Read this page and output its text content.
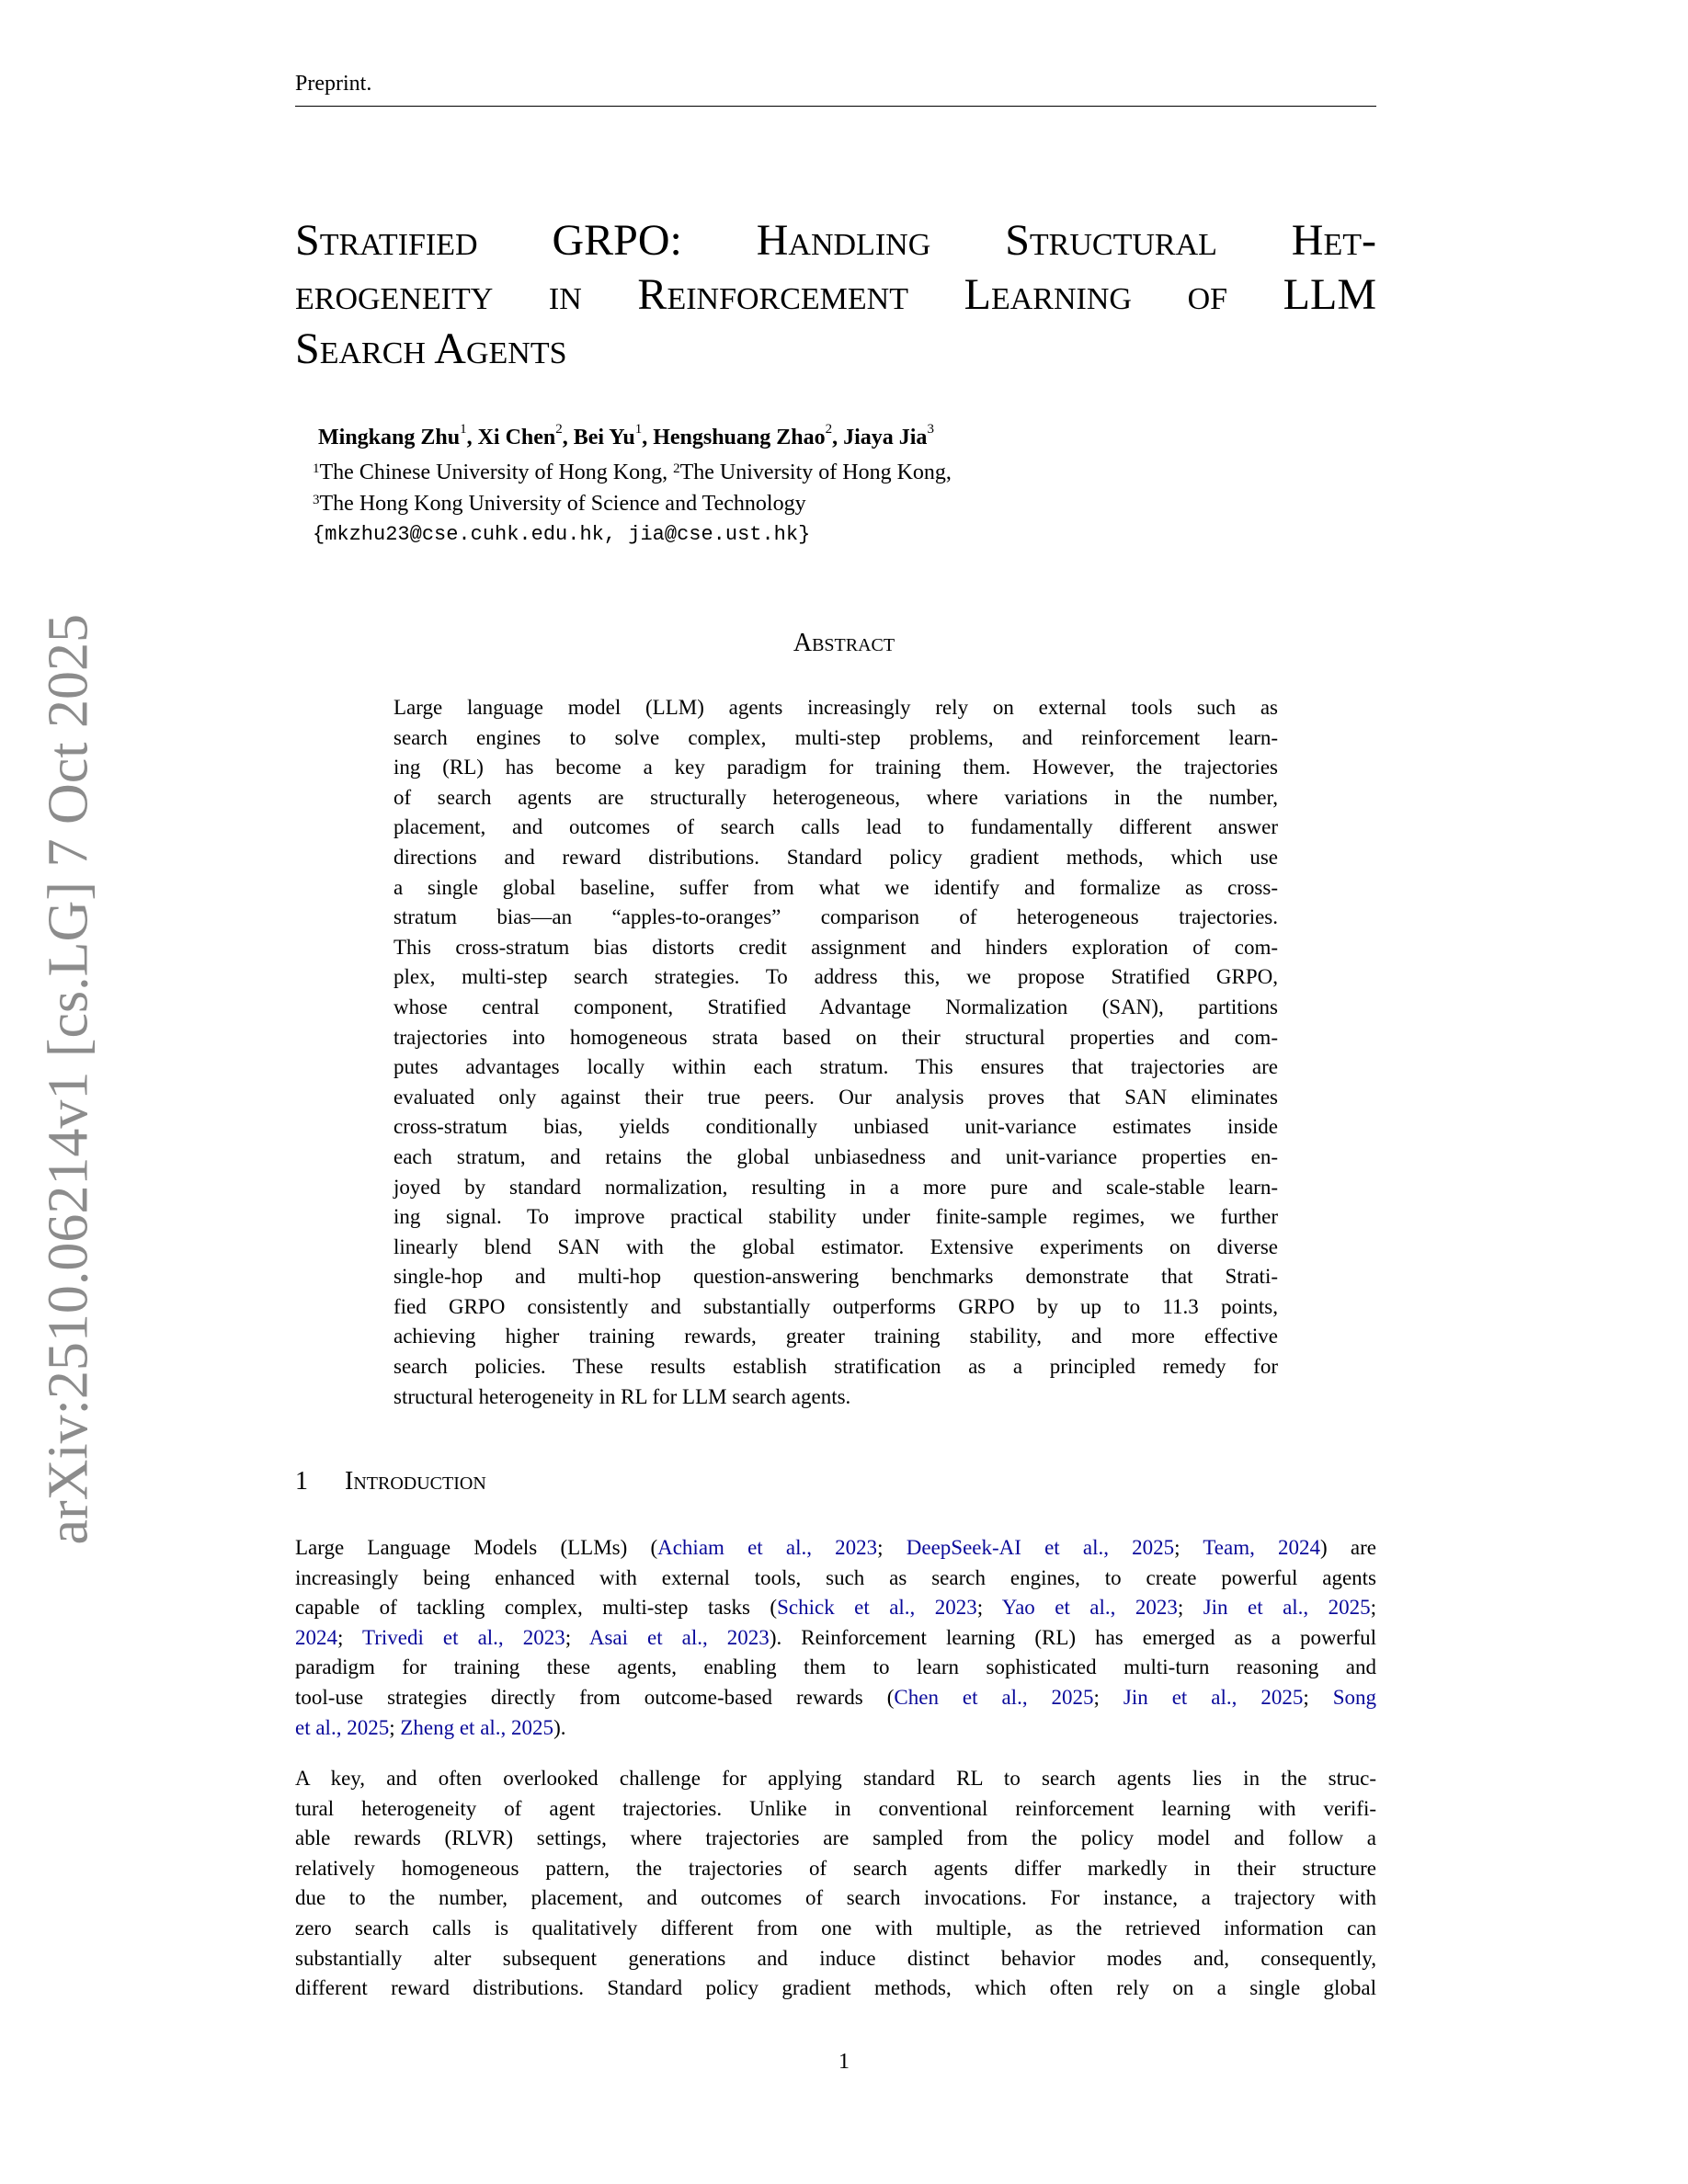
Preprint.
arXiv:2510.06214v1 [cs.LG] 7 Oct 2025
Stratified GRPO: Handling Structural Het-
erogeneity in Reinforcement Learning of LLM
Search Agents
Mingkang Zhu$^1$, Xi Chen$^2$, Bei Yu$^1$, Hengshuang Zhao$^2$, Jiaya Jia$^3$
$^1$The Chinese University of Hong Kong, $^2$The University of Hong Kong,
$^3$The Hong Kong University of Science and Technology
{mkzhu23@cse.cuhk.edu.hk, jia@cse.ust.hk}
Abstract
Large language model (LLM) agents increasingly rely on external tools such as
search engines to solve complex, multi-step problems, and reinforcement learn-
ing (RL) has become a key paradigm for training them. However, the trajectories
of search agents are structurally heterogeneous, where variations in the number,
placement, and outcomes of search calls lead to fundamentally different answer
directions and reward distributions. Standard policy gradient methods, which use
a single global baseline, suffer from what we identify and formalize as cross-
stratum bias—an “apples-to-oranges” comparison of heterogeneous trajectories.
This cross-stratum bias distorts credit assignment and hinders exploration of com-
plex, multi-step search strategies. To address this, we propose Stratified GRPO,
whose central component, Stratified Advantage Normalization (SAN), partitions
trajectories into homogeneous strata based on their structural properties and com-
putes advantages locally within each stratum. This ensures that trajectories are
evaluated only against their true peers. Our analysis proves that SAN eliminates
cross-stratum bias, yields conditionally unbiased unit-variance estimates inside
each stratum, and retains the global unbiasedness and unit-variance properties en-
joyed by standard normalization, resulting in a more pure and scale-stable learn-
ing signal. To improve practical stability under finite-sample regimes, we further
linearly blend SAN with the global estimator. Extensive experiments on diverse
single-hop and multi-hop question-answering benchmarks demonstrate that Strati-
fied GRPO consistently and substantially outperforms GRPO by up to 11.3 points,
achieving higher training rewards, greater training stability, and more effective
search policies. These results establish stratification as a principled remedy for
structural heterogeneity in RL for LLM search agents.
1 Introduction
Large Language Models (LLMs) (Achiam et al., 2023; DeepSeek-AI et al., 2025; Team, 2024) are
increasingly being enhanced with external tools, such as search engines, to create powerful agents
capable of tackling complex, multi-step tasks (Schick et al., 2023; Yao et al., 2023; Jin et al., 2025;
2024; Trivedi et al., 2023; Asai et al., 2023). Reinforcement learning (RL) has emerged as a powerful
paradigm for training these agents, enabling them to learn sophisticated multi-turn reasoning and
tool-use strategies directly from outcome-based rewards (Chen et al., 2025; Jin et al., 2025; Song
et al., 2025; Zheng et al., 2025).
A key, and often overlooked challenge for applying standard RL to search agents lies in the struc-
tural heterogeneity of agent trajectories. Unlike in conventional reinforcement learning with verifi-
able rewards (RLVR) settings, where trajectories are sampled from the policy model and follow a
relatively homogeneous pattern, the trajectories of search agents differ markedly in their structure
due to the number, placement, and outcomes of search invocations. For instance, a trajectory with
zero search calls is qualitatively different from one with multiple, as the retrieved information can
substantially alter subsequent generations and induce distinct behavior modes and, consequently,
different reward distributions. Standard policy gradient methods, which often rely on a single global
1
